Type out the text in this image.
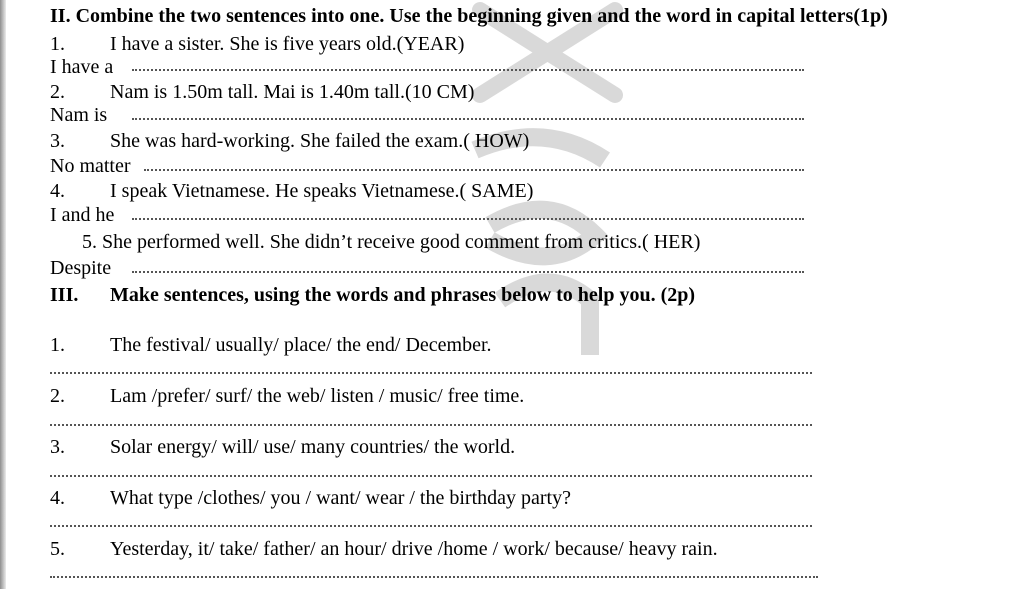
II. Combine the two sentences into one. Use the beginning given and the word in capital letters(1p)
1. I have a sister. She is five years old.(YEAR)
I have a
2. Nam is 1.50m tall. Mai is 1.40m tall.(10 CM)
Nam is
3. She was hard-working. She failed the exam.( HOW)
No matter
4. I speak Vietnamese. He speaks Vietnamese.( SAME)
I and he
5. She performed well. She didn’t receive good comment from critics.( HER)
Despite
III. Make sentences, using the words and phrases below to help you. (2p)
1. The festival/ usually/ place/ the end/ December.
2. Lam /prefer/ surf/ the web/ listen / music/ free time.
3. Solar energy/ will/ use/ many countries/ the world.
4. What type /clothes/ you / want/ wear / the birthday party?
5. Yesterday, it/ take/ father/ an hour/ drive /home / work/ because/ heavy rain.
